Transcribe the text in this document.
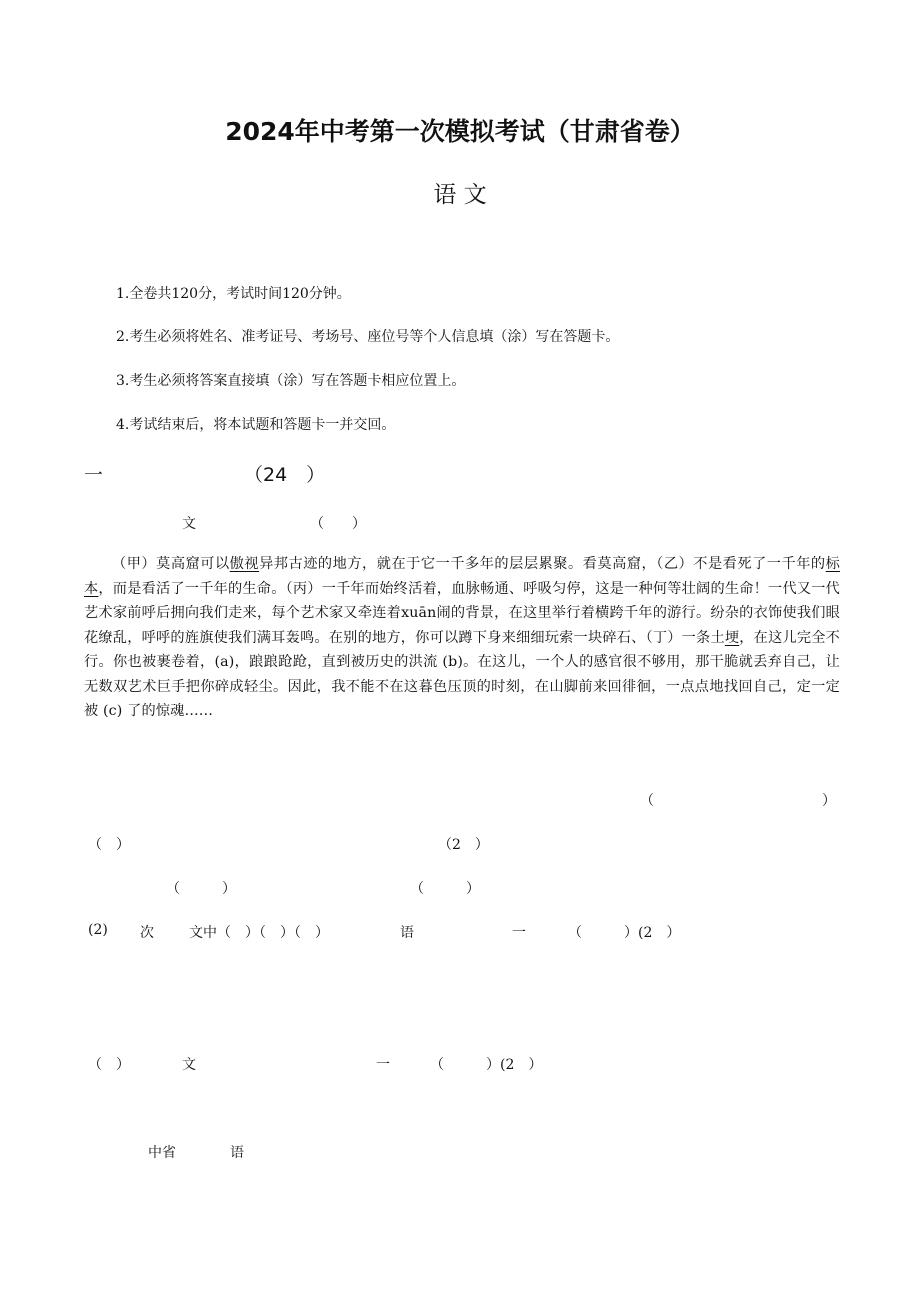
2024年中考第一次模拟考试（甘肃省卷）
语 文
1.全卷共120分，考试时间120分钟。
2.考生必须将姓名、准考证号、考场号、座位号等个人信息填（涂）写在答题卡。
3.考生必须将答案直接填（涂）写在答题卡相应位置上。
4.考试结束后，将本试题和答题卡一并交回。
一	（24　）
文	（　　）
（甲）莫高窟可以傲视异邦古迹的地方，就在于它一千多年的层层累聚。看莫高窟，（乙）不是看死了一千年的标本，而是看活了一千年的生命。（丙）一千年而始终活着，血脉畅通、呼吸匀停，这是一种何等壮阔的生命！一代又一代艺术家前呼后拥向我们走来，每个艺术家又牵连着xuān闹的背景，在这里举行着横跨千年的游行。纷杂的衣饰使我们眼花缭乱，呼呼的旌旗使我们满耳轰鸣。在别的地方，你可以蹲下身来细细玩索一块碎石、（丁）一条土埂，在这儿完全不行。你也被裹卷着，(a)，踉踉跄跄，直到被历史的洪流 (b)。在这儿，一个人的感官很不够用，那干脆就丢弃自己，让无数双艺术巨手把你碎成轻尘。因此，我不能不在这暮色压顶的时刻，在山脚前来回徘徊，一点点地找回自己，定一定被 (c) 了的惊魂……
（　　　　　　　　　　　　）
（　）	（2　）
（　　　）	（　　　）
(2) 次	文中（　）（　）（　）	语	一	（　　　）(2　）
（　）	文	一	（　　　）(2　）
中省	语
